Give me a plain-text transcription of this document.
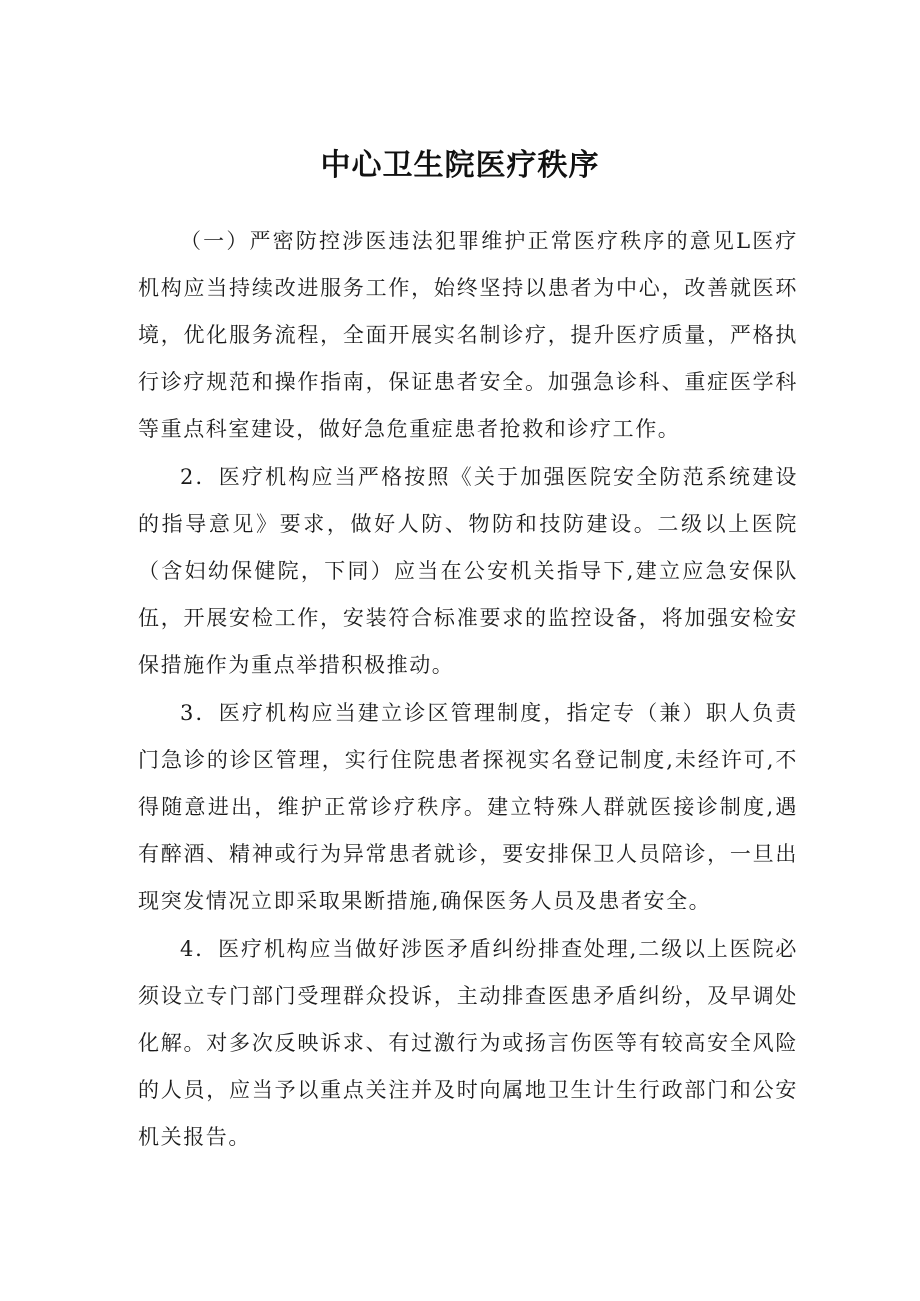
中心卫生院医疗秩序

（一）严密防控涉医违法犯罪维护正常医疗秩序的意见L医疗机构应当持续改进服务工作，始终坚持以患者为中心，改善就医环境，优化服务流程，全面开展实名制诊疗，提升医疗质量，严格执行诊疗规范和操作指南，保证患者安全。加强急诊科、重症医学科等重点科室建设，做好急危重症患者抢救和诊疗工作。

2．医疗机构应当严格按照《关于加强医院安全防范系统建设的指导意见》要求，做好人防、物防和技防建设。二级以上医院（含妇幼保健院，下同）应当在公安机关指导下,建立应急安保队伍，开展安检工作，安装符合标准要求的监控设备，将加强安检安保措施作为重点举措积极推动。

3．医疗机构应当建立诊区管理制度，指定专（兼）职人负责门急诊的诊区管理，实行住院患者探视实名登记制度,未经许可,不得随意进出，维护正常诊疗秩序。建立特殊人群就医接诊制度,遇有醉酒、精神或行为异常患者就诊，要安排保卫人员陪诊，一旦出现突发情况立即采取果断措施,确保医务人员及患者安全。

4．医疗机构应当做好涉医矛盾纠纷排查处理,二级以上医院必须设立专门部门受理群众投诉，主动排查医患矛盾纠纷，及早调处化解。对多次反映诉求、有过激行为或扬言伤医等有较高安全风险的人员，应当予以重点关注并及时向属地卫生计生行政部门和公安机关报告。
